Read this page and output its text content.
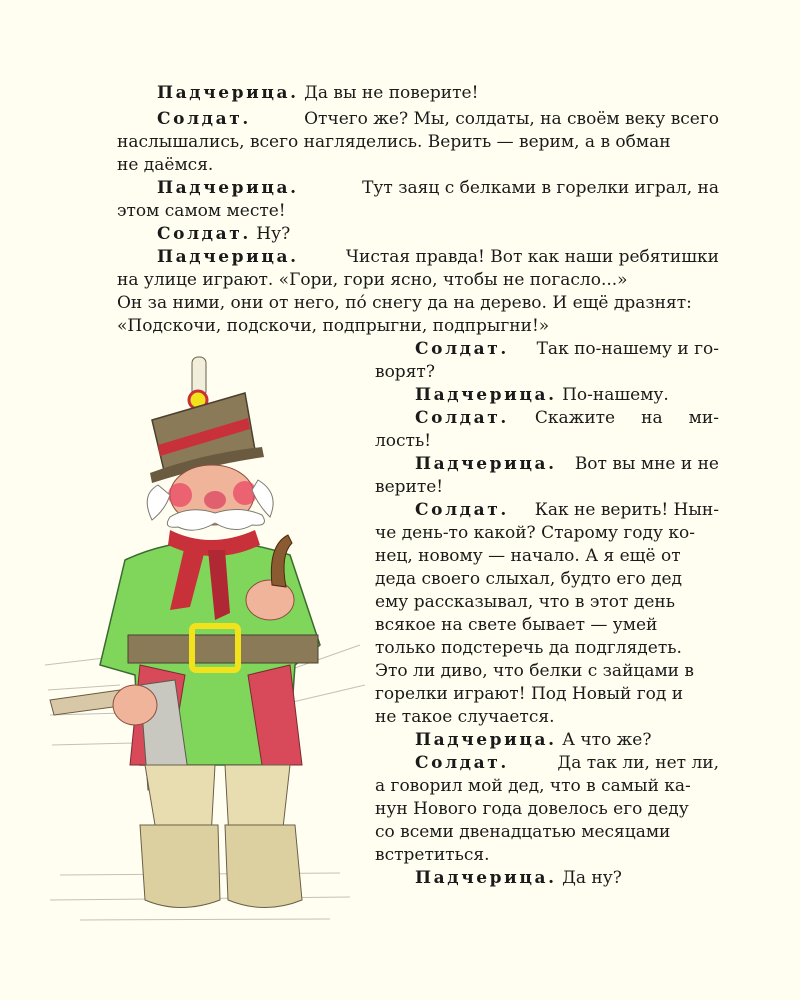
Падчерица. Да вы не поверите!
Солдат.	Отчего же? Мы, солдаты, на своём веку всего
наслышались, всего нагляделись. Верить — верим, а в обман
не даёмся.
Падчерица.	Тут заяц с белками в горелки играл, на
этом самом месте!
Солдат. Ну?
Падчерица.	Чистая правда! Вот как наши ребятишки
на улице играют. «Гори, гори ясно, чтобы не погасло...»
Он за ними, они от него, по́ снегу да на дерево. И ещё дразнят:
«Подскочи, подскочи, подпрыгни, подпрыгни!»
Солдат. Так по-нашему и го-
ворят?
Падчерица. По-нашему.
Солдат. Скажите на ми-
лость!
Падчерица. Вот вы мне и не
верите!
Солдат. Как не верить! Нын-
че день-то какой? Старому году ко-
нец, новому — начало. А я ещё от
деда своего слыхал, будто его дед
ему рассказывал, что в этот день
всякое на свете бывает — умей
только подстеречь да подглядеть.
Это ли диво, что белки с зайцами в
горелки играют! Под Новый год и
не такое случается.
Падчерица. А что же?
Солдат.	Да так ли, нет ли,
а говорил мой дед, что в самый ка-
нун Нового года довелось его деду
со всеми двенадцатью месяцами
встретиться.
Падчерица. Да ну?
